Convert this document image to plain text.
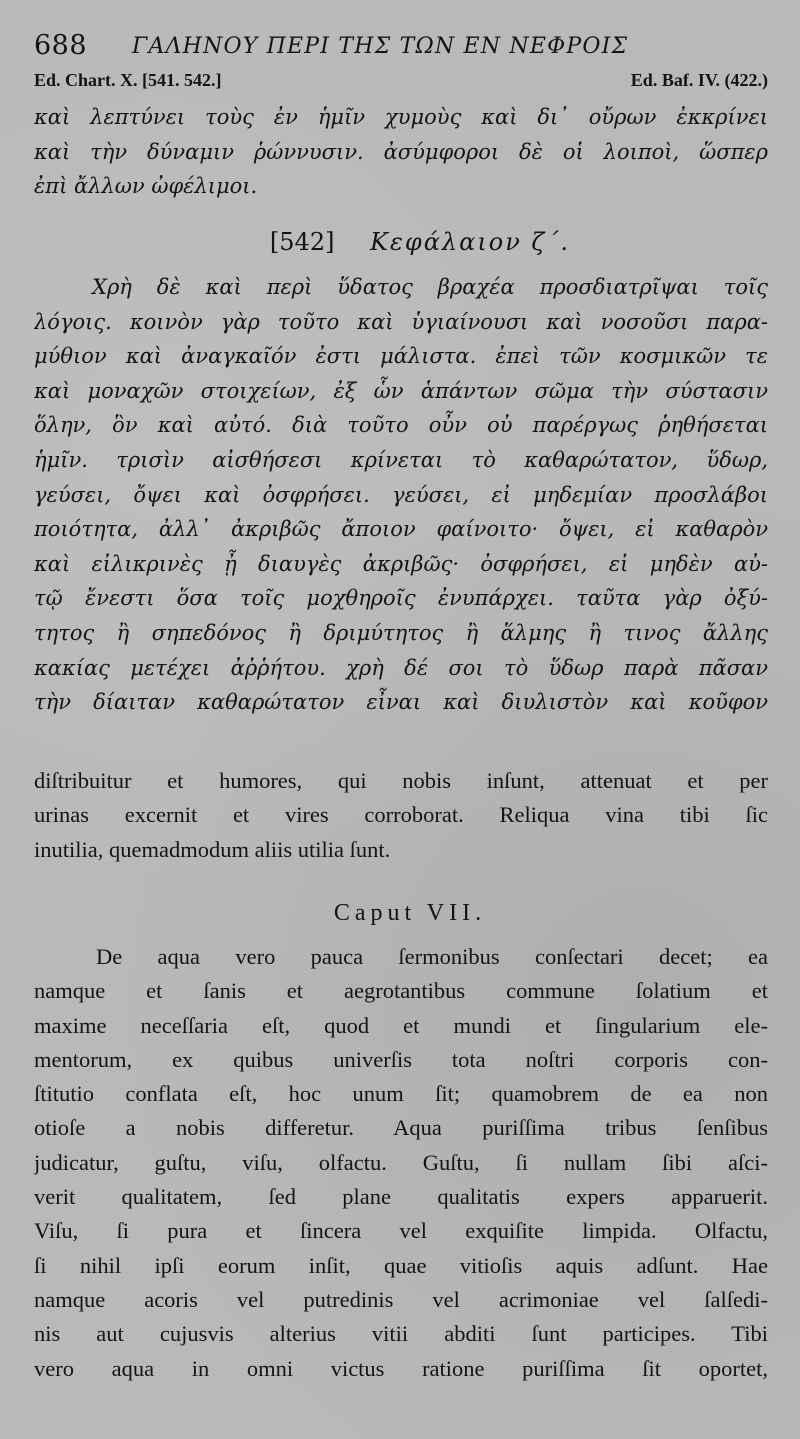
688 ΓΑΛΗΝΟΥ ΠΕΡΙ ΤΗΣ ΤΩΝ ΕΝ ΝΕΦΡΟΙΣ
Ed. Chart. X. [541. 542.]	Ed. Baf. IV. (422.)
καὶ λεπτύνει τοὺς ἐν ἡμῖν χυμοὺς καὶ δι᾽ οὔρων ἐκκρίνει
καὶ τὴν δύναμιν ῥώννυσιν. ἀσύμφοροι δὲ οἱ λοιποὶ, ὥσπερ
ἐπὶ ἄλλων ὠφέλιμοι.
[542] Κεφάλαιον ζ΄.
Χρὴ δὲ καὶ περὶ ὕδατος βραχέα προσδιατρῖψαι τοῖς
λόγοις. κοινὸν γὰρ τοῦτο καὶ ὑγιαίνουσι καὶ νοσοῦσι παρα-
μύθιον καὶ ἀναγκαῖόν ἐστι μάλιστα. ἐπεὶ τῶν κοσμικῶν τε
καὶ μοναχῶν στοιχείων, ἐξ ὧν ἁπάντων σῶμα τὴν σύστασιν
ὅλην, ὃν καὶ αὐτό. διὰ τοῦτο οὖν οὐ παρέργως ῥηθήσεται
ἡμῖν. τρισὶν αἰσθήσεσι κρίνεται τὸ καθαρώτατον, ὕδωρ,
γεύσει, ὄψει καὶ ὀσφρήσει. γεύσει, εἰ μηδεμίαν προσλάβοι
ποιότητα, ἀλλ᾽ ἀκριβῶς ἄποιον φαίνοιτο· ὄψει, εἰ καθαρὸν
καὶ εἰλικρινὲς ᾖ διαυγὲς ἀκριβῶς· ὀσφρήσει, εἰ μηδὲν αὐ-
τῷ ἔνεστι ὅσα τοῖς μοχθηροῖς ἐνυπάρχει. ταῦτα γὰρ ὀξύ-
τητος ἢ σηπεδόνος ἢ δριμύτητος ἢ ἅλμης ἢ τινος ἄλλης
κακίας μετέχει ἀῤῥήτου. χρὴ δέ σοι τὸ ὕδωρ παρὰ πᾶσαν
τὴν δίαιταν καθαρώτατον εἶναι καὶ διυλιστὸν καὶ κοῦφον
diſtribuitur et humores, qui nobis inſunt, attenuat et per
urinas excernit et vires corroborat. Reliqua vina tibi ſic
inutilia, quemadmodum aliis utilia ſunt.
Caput VII.
De aqua vero pauca ſermonibus conſectari decet; ea
namque et ſanis et aegrotantibus commune ſolatium et
maxime neceſſaria eſt, quod et mundi et ſingularium ele-
mentorum, ex quibus univerſis tota noſtri corporis con-
ſtitutio conflata eſt, hoc unum ſit; quamobrem de ea non
otioſe a nobis differetur. Aqua puriſſima tribus ſenſibus
judicatur, guſtu, viſu, olfactu. Guſtu, ſi nullam ſibi aſci-
verit qualitatem, ſed plane qualitatis expers apparuerit.
Viſu, ſi pura et ſincera vel exquiſite limpida. Olfactu,
ſi nihil ipſi eorum inſit, quae vitioſis aquis adſunt. Hae
namque acoris vel putredinis vel acrimoniae vel ſalſedi-
nis aut cujusvis alterius vitii abditi ſunt participes. Tibi
vero aqua in omni victus ratione puriſſima ſit oportet,
